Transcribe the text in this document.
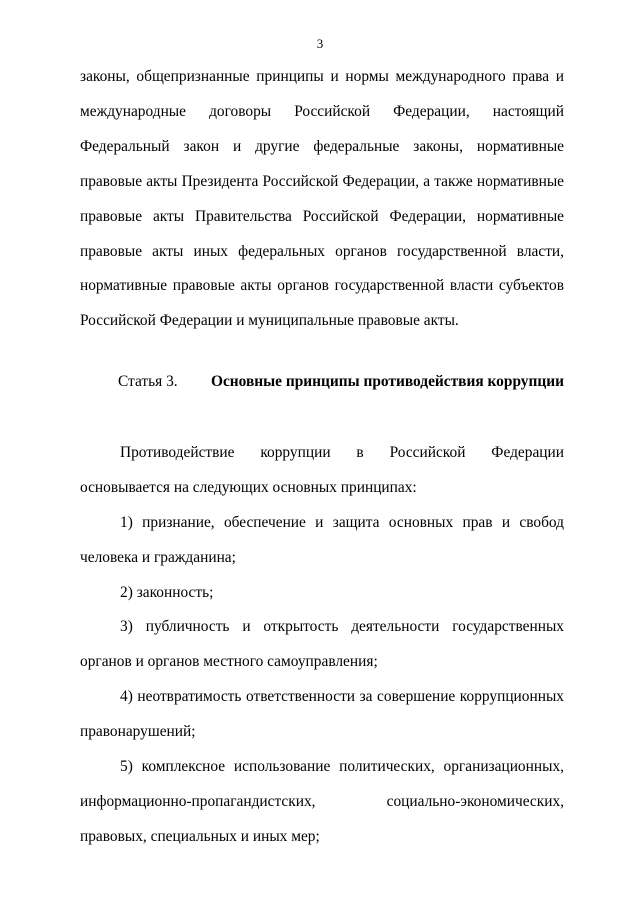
3

законы, общепризнанные принципы и нормы международного права и международные договоры Российской Федерации, настоящий Федеральный закон и другие федеральные законы, нормативные правовые акты Президента Российской Федерации, а также нормативные правовые акты Правительства Российской Федерации, нормативные правовые акты иных федеральных органов государственной власти, нормативные правовые акты органов государственной власти субъектов Российской Федерации и муниципальные правовые акты.

Статья 3. Основные принципы противодействия коррупции

Противодействие коррупции в Российской Федерации основывается на следующих основных принципах:

1) признание, обеспечение и защита основных прав и свобод человека и гражданина;

2) законность;

3) публичность и открытость деятельности государственных органов и органов местного самоуправления;

4) неотвратимость ответственности за совершение коррупционных правонарушений;

5) комплексное использование политических, организационных, информационно-пропагандистских, социально-экономических, правовых, специальных и иных мер;
